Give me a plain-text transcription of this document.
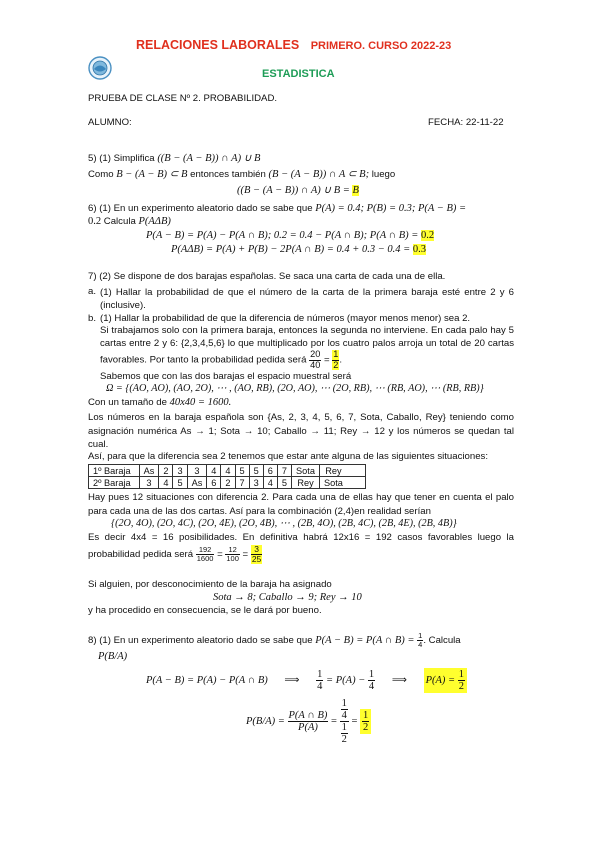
RELACIONES LABORALES PRIMERO. CURSO 2022-23
ESTADISTICA
PRUEBA DE CLASE Nº 2. PROBABILIDAD.
ALUMNO:	FECHA: 22-11-22
5) (1) Simplifica ((B − (A − B)) ∩ A) ∪ B
Como B − (A − B) ⊂ B entonces también (B − (A − B)) ∩ A ⊂ B; luego
((B − (A − B)) ∩ A) ∪ B = B
6) (1) En un experimento aleatorio dado se sabe que P(A) = 0.4; P(B) = 0.3; P(A − B) =
0.2 Calcula P(AΔB)
P(A − B) = P(A) − P(A ∩ B); 0.2 = 0.4 − P(A ∩ B); P(A ∩ B) = 0.2
P(AΔB) = P(A) + P(B) − 2P(A ∩ B) = 0.4 + 0.3 − 0.4 = 0.3
7) (2) Se dispone de dos barajas españolas. Se saca una carta de cada una de ella.
a. (1) Hallar la probabilidad de que el número de la carta de la primera baraja esté entre 2 y 6 (inclusive).
b. (1) Hallar la probabilidad de que la diferencia de números (mayor menos menor) sea 2.
Si trabajamos solo con la primera baraja, entonces la segunda no interviene. En cada palo hay 5 cartas entre 2 y 6: {2,3,4,5,6} lo que multiplicado por los cuatro palos arroja un total de 20 cartas favorables. Por tanto la probabilidad pedida será $\frac{20}{40} = \frac{1}{2}$ .
Sabemos que con las dos barajas el espacio muestral será
Ω = {(AO, AO), (AO, 2O), ⋯ , (AO, RB), (2O, AO), ⋯ (2O, RB), ⋯ (RB, AO), ⋯ (RB, RB)}
Con un tamaño de 40x40 = 1600.
Los números en la baraja española son {As, 2, 3, 4, 5, 6, 7, Sota, Caballo, Rey} teniendo como asignación numérica As → 1; Sota → 10; Caballo → 11; Rey → 12 y los números se quedan tal cual.
Así, para que la diferencia sea 2 tenemos que estar ante alguna de las siguientes situaciones:
1º Baraja	As	2	3	3	4	4	5	5	6	7	Sota	Rey
2º Baraja	3	4	5	As	6	2	7	3	4	5	Rey	Sota
Hay pues 12 situaciones con diferencia 2. Para cada una de ellas hay que tener en cuenta el palo para cada una de las dos cartas. Así para la combinación (2,4)en realidad serían
{(2O, 4O), (2O, 4C), (2O, 4E), (2O, 4B), ⋯ , (2B, 4O), (2B, 4C), (2B, 4E), (2B, 4B)}
Es decir 4x4 = 16 posibilidades. En definitiva habrá 12x16 = 192 casos favorables luego la probabilidad pedida será $\frac{192}{1600} = \frac{12}{100} = \frac{3}{25}$
Si alguien, por desconocimiento de la baraja ha asignado
Sota → 8; Caballo → 9; Rey → 10
y ha procedido en consecuencia, se le dará por bueno.
8) (1) En un experimento aleatorio dado se sabe que P(A − B) = P(A ∩ $B) = \frac{1}{4}$ . Calcula
P(B/A)
P(A − B) = P(A) − P(A ∩ B) ⟹ $\frac{1}{4} = P(A) - \frac{1}{4}$ ⟹ $P(A) = \frac{1}{2}$
$P(B/A) = \frac{P(A \cap B)}{P(A)} = \frac{\frac{1}{4}}{\frac{1}{2}} = \frac{1}{2}$
